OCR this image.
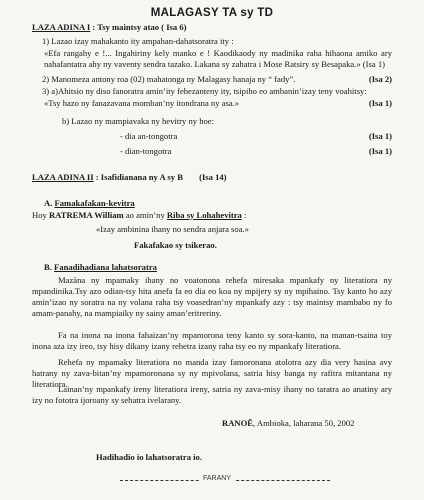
MALAGASY TA sy TD
LAZA ADINA I : Tsy maintsy atao ( Isa 6)
1) Lazao izay mahakanto ity ampahan-dahatsoratra ity :
«Efa rangahy e !... Ingahiriny kely manko e ! Kaodikaody ny madinika raha hihaona amiko ary nahafantatra ahy ny vaventy sendra tazako. Lakana sy zahatra i Mose Ratsiry sy Besapaka.» (Isa 1)
2) Manomeza antony roa (02) mahatonga ny Malagasy hanaja ny “ fady”.	(Isa 2)
3) a)Ahitsio ny diso fanoratra amin’ity fehezanteny ity, tsipiho eo ambanin’izay teny voahitsy:
«Tsy hazo ny fanazavana momban’ny itondrana ny asa.»	(Isa 1)
b) Lazao ny mampiavaka ny hevitry ny hoe:
- dia an-tongotra	(Isa 1)
- dian-tongotra	(Isa 1)
LAZA ADINA II : Isafidianana ny A sy B (Isa 14)
A. Famakafakan-kevitra
Hoy RATREMA William ao amin’ny Riba sy Lohahevitra :
«Izay ambinina ihany no sendra anjara soa.»
Fakafakao sy tsikerao.
B. Fanadihadiana lahatsoratra
Mazàna ny mpamaky ihany no voatonona rehefa miresaka mpankafy ny literatiora ny mpandinika.Tsy azo odian-tsy hita anefa fa eo dia eo koa ny mpijery sy ny mpihaino. Tsy kanto ho azy amin’izao ny soratra na ny volana raha tsy voasedran’ny mpankafy azy : tsy maintsy mambabo ny fo amam-panahy, na mampiaiky ny sainy aman’eritreriny.
Fa na inona na inona fahaizan’ny mpamorona teny kanto sy sora-kanto, na manan-tsaina toy inona aza izy ireo, tsy hisy dikany izany rehetra izany raha tsy eo ny mpankafy literatiora.
Rehefa ny mpamaky literatiora no manda izay famoronana atolotra azy dia very hasina avy hatrany ny zava-bitan’ny mpamoronana sy ny mpivolana, satria hisy banga ny rafitra mitantana ny literatiora.
Lainan’ny mpankafy ireny literatiora ireny, satria ny zava-misy ihany no taratra ao anatiny ary izy no fototra ijoroany sy sehatra ivelarany.
RANOË, Ambioka, laharana 50, 2002
Hadihadio io lahatsoratra io.
FARANY
